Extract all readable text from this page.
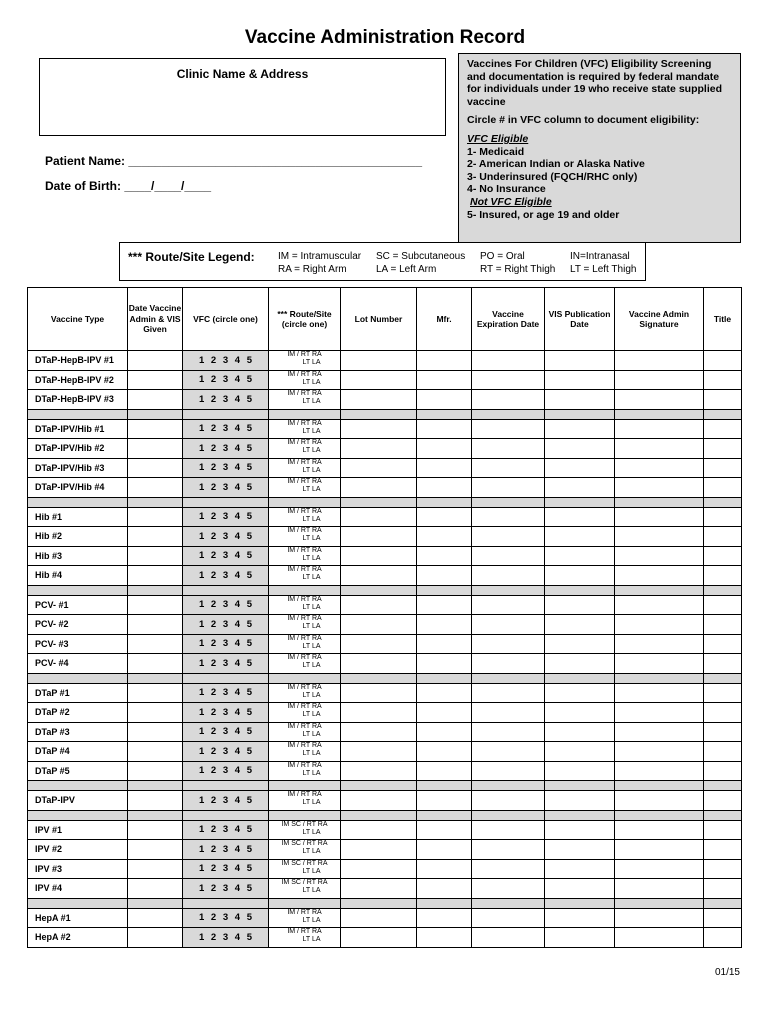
Vaccine Administration Record
Clinic Name & Address

Vaccines For Children (VFC) Eligibility Screening and documentation is required by federal mandate for individuals under 19 who receive state supplied vaccine

Circle # in VFC column to document eligibility:

VFC Eligible

1- Medicaid

2- American Indian or Alaska Native

3- Underinsured (FQCH/RHC only)

4- No Insurance

Not VFC Eligible

5- Insured, or age 19 and older

Patient Name: ____________________________________________
Date of Birth: ____/____/____
*** Route/Site Legend: IM = Intramuscular
RA = Right Arm
SC = Subcutaneous
LA = Left Arm
PO = Oral
RT = Right Thigh
IN=Intranasal
LT = Left Thigh
Vaccine Type	Date Vaccine Admin & VIS Given	VFC (circle one)	*** Route/Site (circle one)	Lot Number	Mfr.	Vaccine Expiration Date	VIS Publication Date	Vaccine Admin Signature	Title
DTaP-HepB-IPV #1		1 2 3 4 5	IM / RT RA
LT LA						

DTaP-HepB-IPV #2		1 2 3 4 5	IM / RT RA
LT LA						

DTaP-HepB-IPV #3		1 2 3 4 5	IM / RT RA
LT LA						

DTaP-IPV/Hib #1		1 2 3 4 5	IM / RT RA
LT LA						

DTaP-IPV/Hib #2		1 2 3 4 5	IM / RT RA
LT LA						

DTaP-IPV/Hib #3		1 2 3 4 5	IM / RT RA
LT LA						

DTaP-IPV/Hib #4		1 2 3 4 5	IM / RT RA
LT LA						

Hib #1		1 2 3 4 5	IM / RT RA
LT LA						

Hib #2		1 2 3 4 5	IM / RT RA
LT LA						

Hib #3		1 2 3 4 5	IM / RT RA
LT LA						

Hib #4		1 2 3 4 5	IM / RT RA
LT LA						

PCV- #1		1 2 3 4 5	IM / RT RA
LT LA						

PCV- #2		1 2 3 4 5	IM / RT RA
LT LA						

PCV- #3		1 2 3 4 5	IM / RT RA
LT LA						

PCV- #4		1 2 3 4 5	IM / RT RA
LT LA						

DTaP #1		1 2 3 4 5	IM / RT RA
LT LA						

DTaP #2		1 2 3 4 5	IM / RT RA
LT LA						

DTaP #3		1 2 3 4 5	IM / RT RA
LT LA						

DTaP #4		1 2 3 4 5	IM / RT RA
LT LA						

DTaP #5		1 2 3 4 5	IM / RT RA
LT LA						

DTaP-IPV		1 2 3 4 5	IM / RT RA
LT LA						

IPV #1		1 2 3 4 5	IM SC / RT RA
LT LA						

IPV #2		1 2 3 4 5	IM SC / RT RA
LT LA						

IPV #3		1 2 3 4 5	IM SC / RT RA
LT LA						

IPV #4		1 2 3 4 5	IM SC / RT RA
LT LA						

HepA #1		1 2 3 4 5	IM / RT RA
LT LA						

HepA #2		1 2 3 4 5	IM / RT RA
LT LA						

01/15
